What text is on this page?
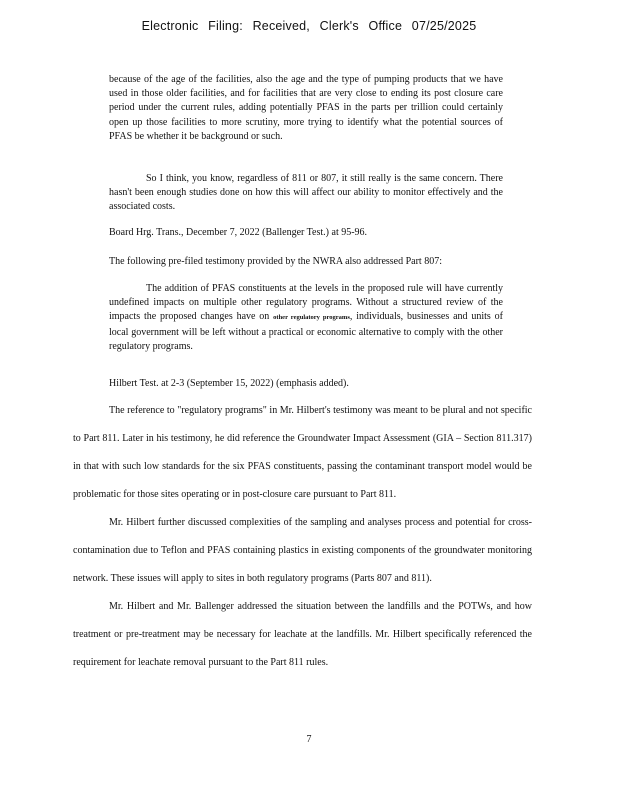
Electronic Filing: Received, Clerk's Office 07/25/2025
because of the age of the facilities, also the age and the type of pumping products that we have used in those older facilities, and for facilities that are very close to ending its post closure care period under the current rules, adding potentially PFAS in the parts per trillion could certainly open up those facilities to more scrutiny, more trying to identify what the potential sources of PFAS be whether it be background or such.
So I think, you know, regardless of 811 or 807, it still really is the same concern. There hasn't been enough studies done on how this will affect our ability to monitor effectively and the associated costs.
Board Hrg. Trans., December 7, 2022 (Ballenger Test.) at 95-96.
The following pre-filed testimony provided by the NWRA also addressed Part 807:
The addition of PFAS constituents at the levels in the proposed rule will have currently undefined impacts on multiple other regulatory programs. Without a structured review of the impacts the proposed changes have on other regulatory programs, individuals, businesses and units of local government will be left without a practical or economic alternative to comply with the other regulatory programs.
Hilbert Test. at 2-3 (September 15, 2022) (emphasis added).

The reference to "regulatory programs" in Mr. Hilbert's testimony was meant to be plural and not specific to Part 811. Later in his testimony, he did reference the Groundwater Impact Assessment (GIA – Section 811.317) in that with such low standards for the six PFAS constituents, passing the contaminant transport model would be problematic for those sites operating or in post-closure care pursuant to Part 811.

Mr. Hilbert further discussed complexities of the sampling and analyses process and potential for cross-contamination due to Teflon and PFAS containing plastics in existing components of the groundwater monitoring network. These issues will apply to sites in both regulatory programs (Parts 807 and 811).

Mr. Hilbert and Mr. Ballenger addressed the situation between the landfills and the POTWs, and how treatment or pre-treatment may be necessary for leachate at the landfills. Mr. Hilbert specifically referenced the requirement for leachate removal pursuant to the Part 811 rules.

7
